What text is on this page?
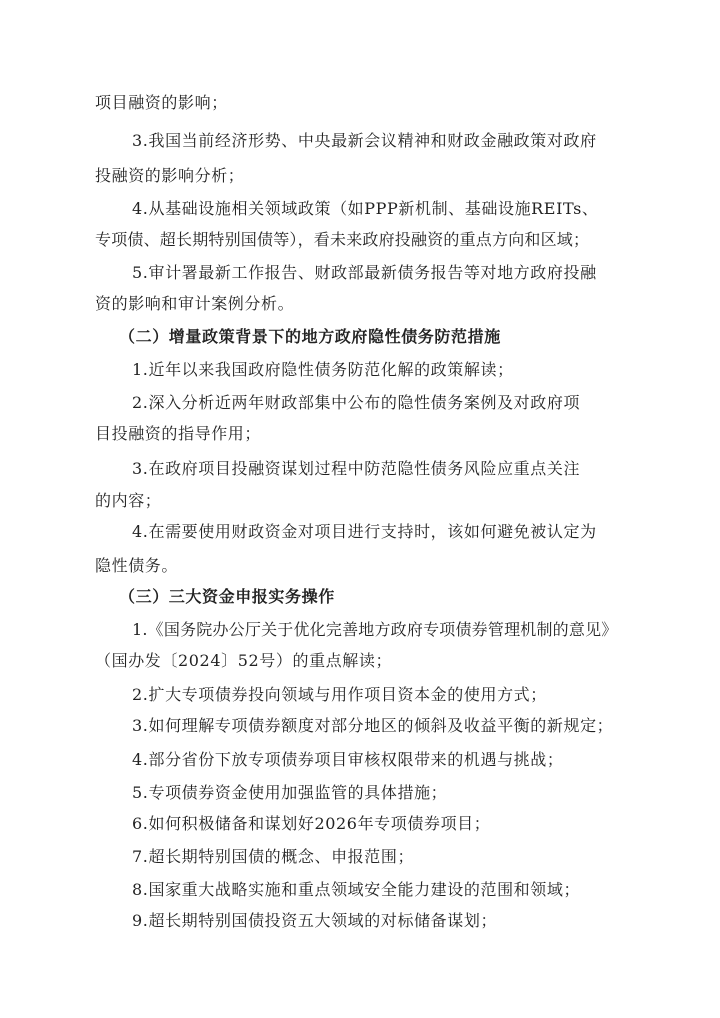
项目融资的影响；
3.我国当前经济形势、中央最新会议精神和财政金融政策对政府
投融资的影响分析；
4.从基础设施相关领域政策（如PPP新机制、基础设施REITs、
专项债、超长期特别国债等），看未来政府投融资的重点方向和区域；
5.审计署最新工作报告、财政部最新债务报告等对地方政府投融
资的影响和审计案例分析。
（二）增量政策背景下的地方政府隐性债务防范措施
1.近年以来我国政府隐性债务防范化解的政策解读；
2.深入分析近两年财政部集中公布的隐性债务案例及对政府项
目投融资的指导作用；
3.在政府项目投融资谋划过程中防范隐性债务风险应重点关注
的内容；
4.在需要使用财政资金对项目进行支持时，该如何避免被认定为
隐性债务。
（三）三大资金申报实务操作
1.《国务院办公厅关于优化完善地方政府专项债券管理机制的意见》
（国办发〔2024〕52号）的重点解读；
2.扩大专项债券投向领域与用作项目资本金的使用方式；
3.如何理解专项债券额度对部分地区的倾斜及收益平衡的新规定；
4.部分省份下放专项债券项目审核权限带来的机遇与挑战；
5.专项债券资金使用加强监管的具体措施；
6.如何积极储备和谋划好2026年专项债券项目；
7.超长期特别国债的概念、申报范围；
8.国家重大战略实施和重点领域安全能力建设的范围和领域；
9.超长期特别国债投资五大领域的对标储备谋划；
